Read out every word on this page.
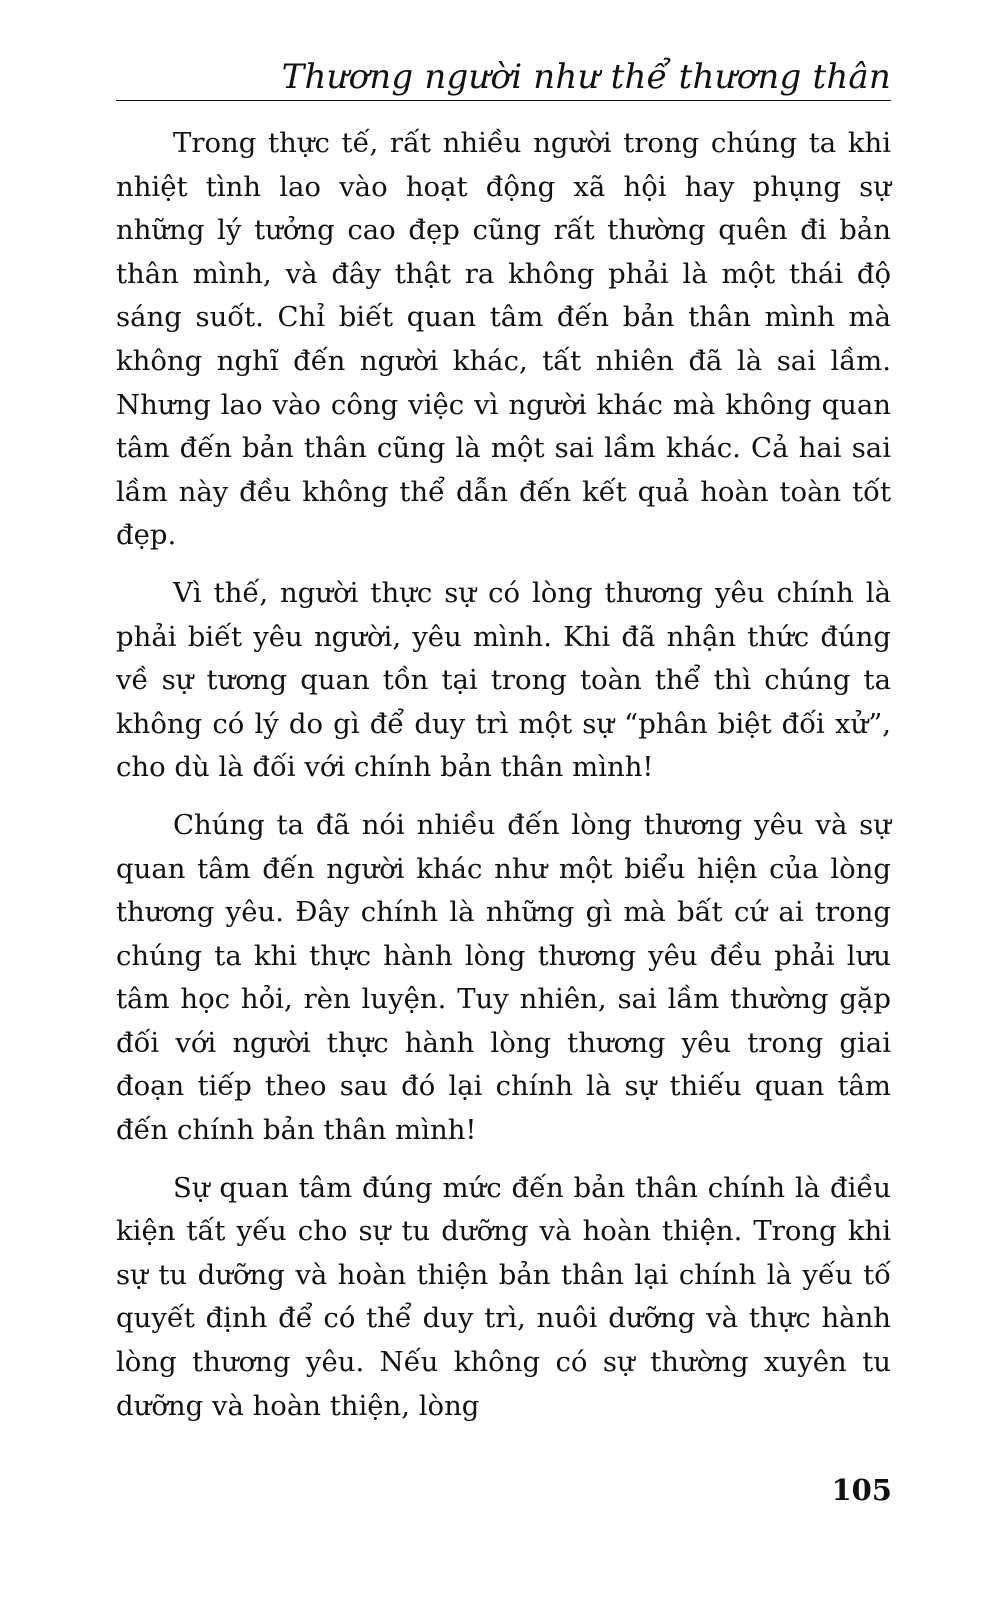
Thương người như thể thương thân

Trong thực tế, rất nhiều người trong chúng ta khi nhiệt tình lao vào hoạt động xã hội hay phụng sự những lý tưởng cao đẹp cũng rất thường quên đi bản thân mình, và đây thật ra không phải là một thái độ sáng suốt. Chỉ biết quan tâm đến bản thân mình mà không nghĩ đến người khác, tất nhiên đã là sai lầm. Nhưng lao vào công việc vì người khác mà không quan tâm đến bản thân cũng là một sai lầm khác. Cả hai sai lầm này đều không thể dẫn đến kết quả hoàn toàn tốt đẹp.

Vì thế, người thực sự có lòng thương yêu chính là phải biết yêu người, yêu mình. Khi đã nhận thức đúng về sự tương quan tồn tại trong toàn thể thì chúng ta không có lý do gì để duy trì một sự “phân biệt đối xử”, cho dù là đối với chính bản thân mình!

Chúng ta đã nói nhiều đến lòng thương yêu và sự quan tâm đến người khác như một biểu hiện của lòng thương yêu. Đây chính là những gì mà bất cứ ai trong chúng ta khi thực hành lòng thương yêu đều phải lưu tâm học hỏi, rèn luyện. Tuy nhiên, sai lầm thường gặp đối với người thực hành lòng thương yêu trong giai đoạn tiếp theo sau đó lại chính là sự thiếu quan tâm đến chính bản thân mình!

Sự quan tâm đúng mức đến bản thân chính là điều kiện tất yếu cho sự tu dưỡng và hoàn thiện. Trong khi sự tu dưỡng và hoàn thiện bản thân lại chính là yếu tố quyết định để có thể duy trì, nuôi dưỡng và thực hành lòng thương yêu. Nếu không có sự thường xuyên tu dưỡng và hoàn thiện, lòng

105
